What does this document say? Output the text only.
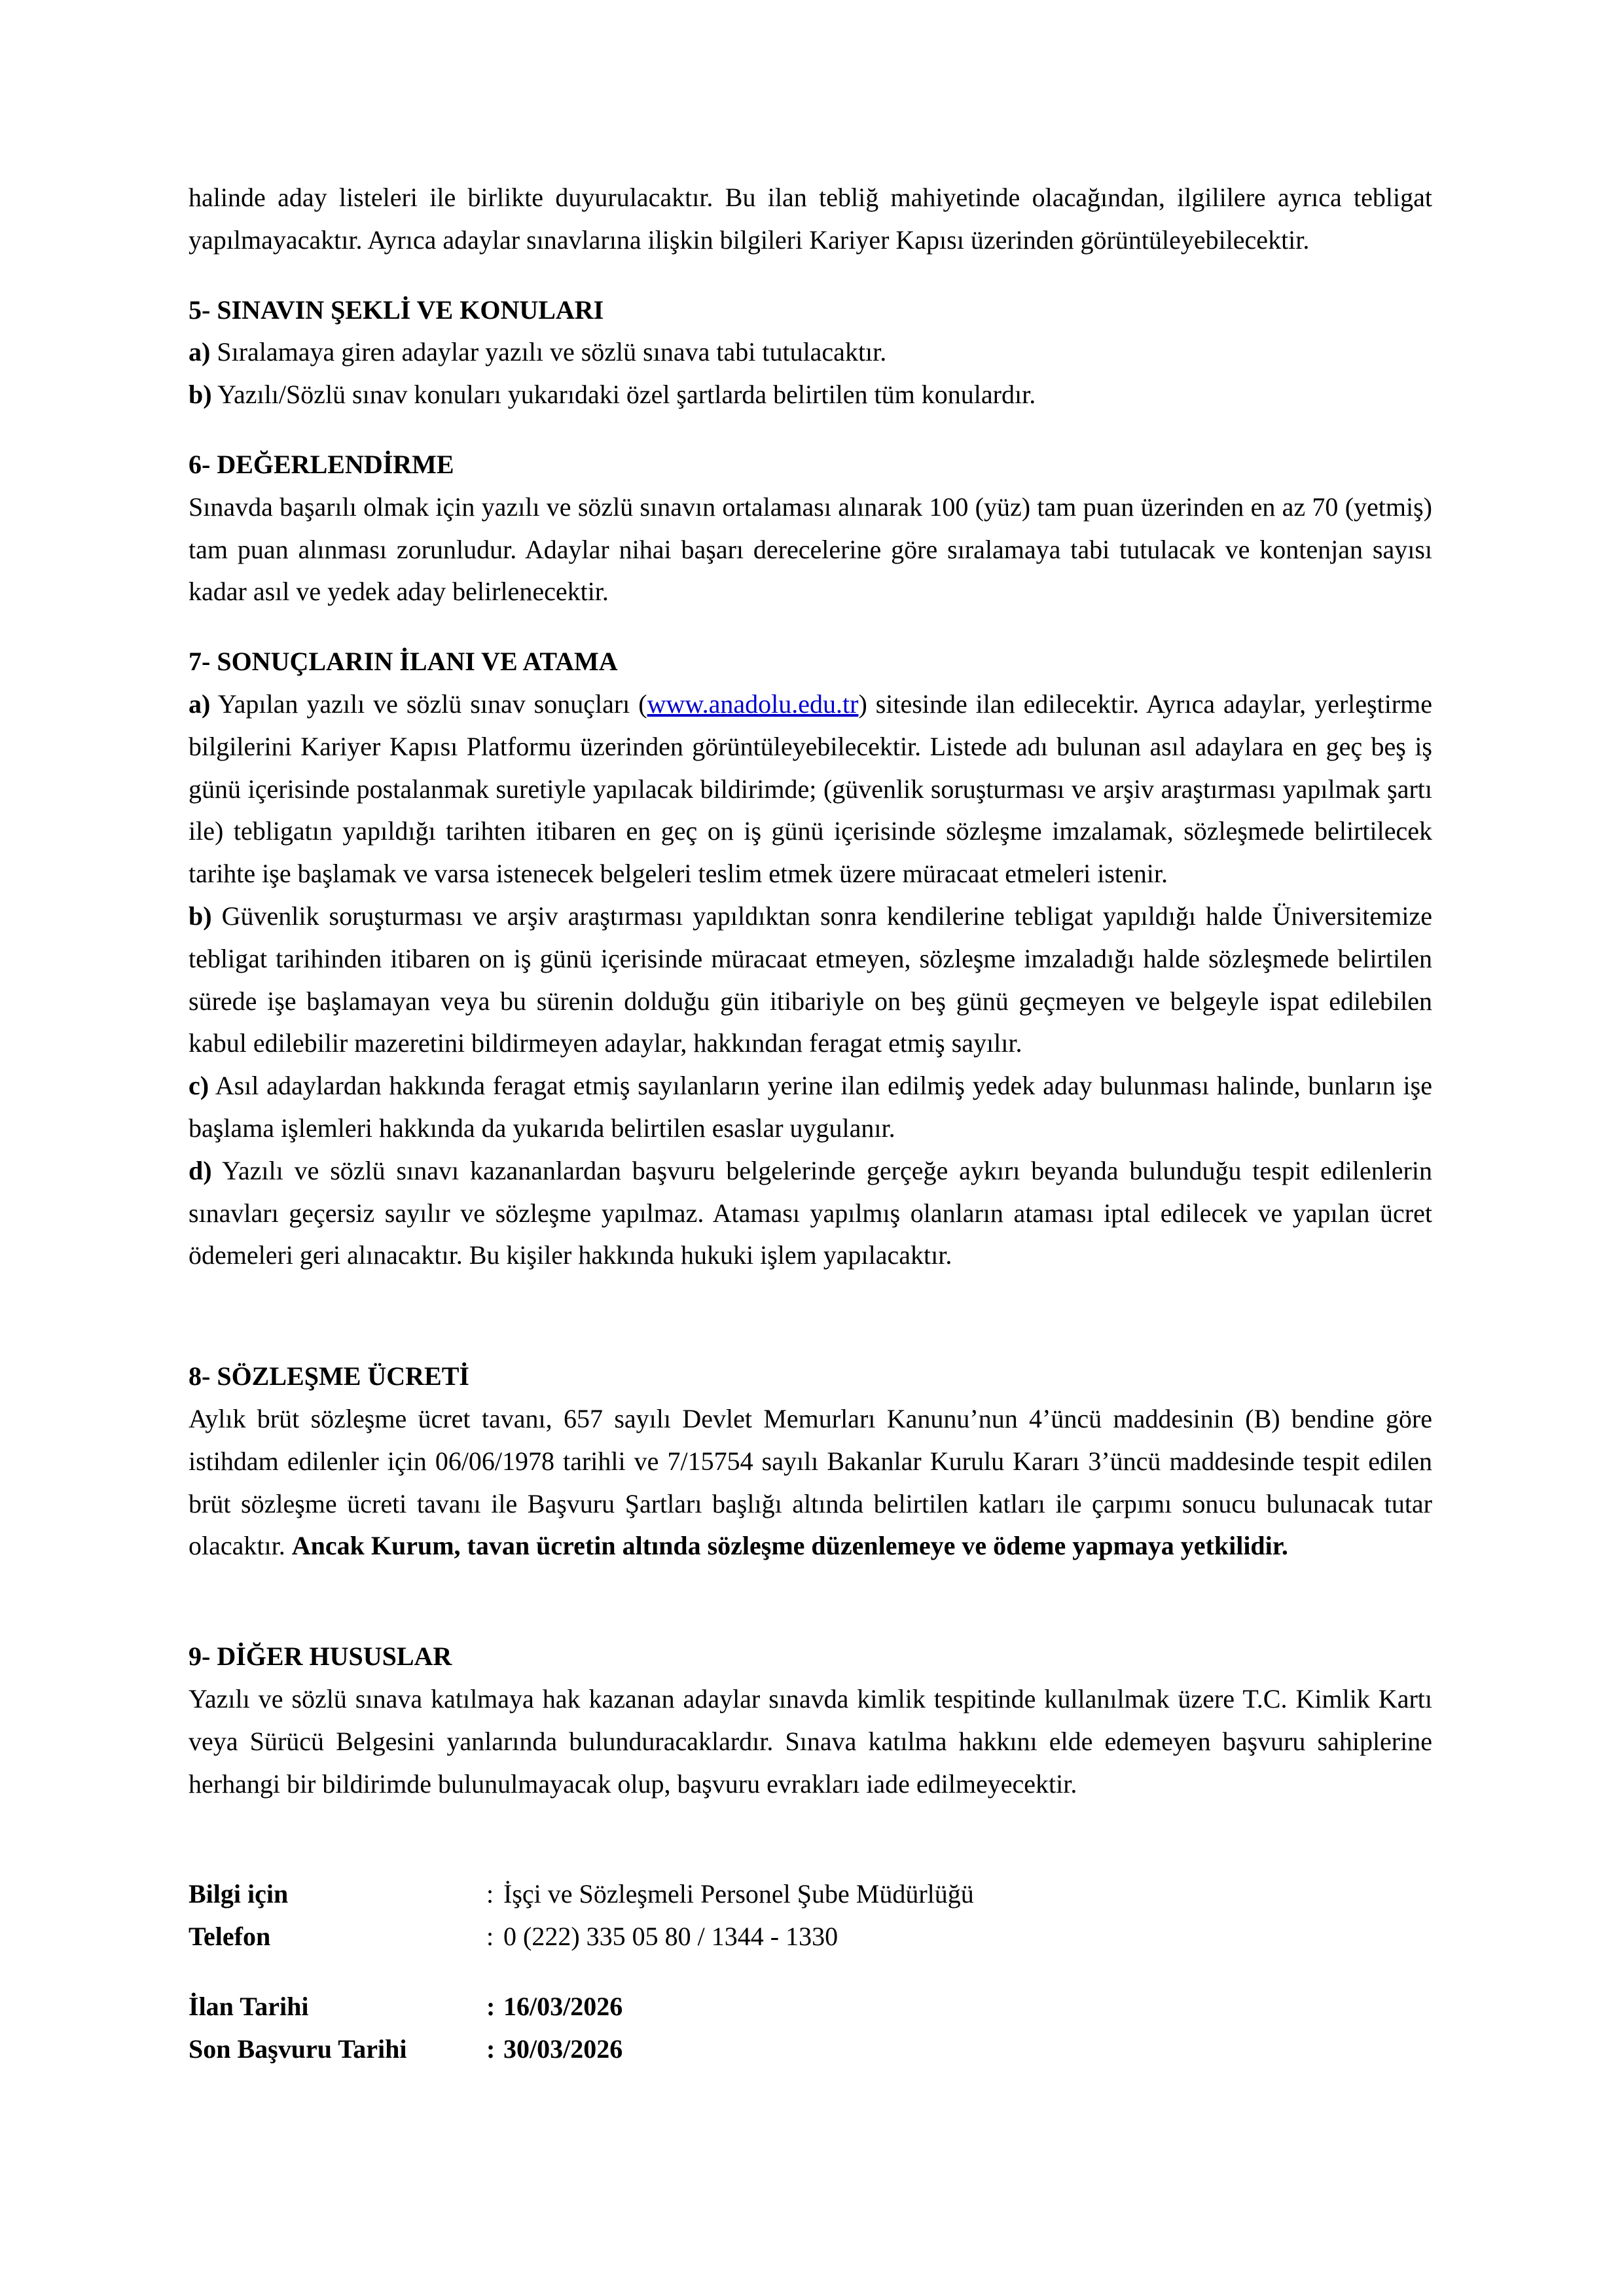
halinde aday listeleri ile birlikte duyurulacaktır. Bu ilan tebliğ mahiyetinde olacağından, ilgililere ayrıca tebligat yapılmayacaktır. Ayrıca adaylar sınavlarına ilişkin bilgileri Kariyer Kapısı üzerinden görüntüleyebilecektir.

5- SINAVIN ŞEKLİ VE KONULARI

a) Sıralamaya giren adaylar yazılı ve sözlü sınava tabi tutulacaktır.

b) Yazılı/Sözlü sınav konuları yukarıdaki özel şartlarda belirtilen tüm konulardır.

6- DEĞERLENDİRME

Sınavda başarılı olmak için yazılı ve sözlü sınavın ortalaması alınarak 100 (yüz) tam puan üzerinden en az 70 (yetmiş) tam puan alınması zorunludur. Adaylar nihai başarı derecelerine göre sıralamaya tabi tutulacak ve kontenjan sayısı kadar asıl ve yedek aday belirlenecektir.

7- SONUÇLARIN İLANI VE ATAMA

a) Yapılan yazılı ve sözlü sınav sonuçları (www.anadolu.edu.tr) sitesinde ilan edilecektir. Ayrıca adaylar, yerleştirme bilgilerini Kariyer Kapısı Platformu üzerinden görüntüleyebilecektir. Listede adı bulunan asıl adaylara en geç beş iş günü içerisinde postalanmak suretiyle yapılacak bildirimde; (güvenlik soruşturması ve arşiv araştırması yapılmak şartı ile) tebligatın yapıldığı tarihten itibaren en geç on iş günü içerisinde sözleşme imzalamak, sözleşmede belirtilecek tarihte işe başlamak ve varsa istenecek belgeleri teslim etmek üzere müracaat etmeleri istenir.

b) Güvenlik soruşturması ve arşiv araştırması yapıldıktan sonra kendilerine tebligat yapıldığı halde Üniversitemize tebligat tarihinden itibaren on iş günü içerisinde müracaat etmeyen, sözleşme imzaladığı halde sözleşmede belirtilen sürede işe başlamayan veya bu sürenin dolduğu gün itibariyle on beş günü geçmeyen ve belgeyle ispat edilebilen kabul edilebilir mazeretini bildirmeyen adaylar, hakkından feragat etmiş sayılır.

c) Asıl adaylardan hakkında feragat etmiş sayılanların yerine ilan edilmiş yedek aday bulunması halinde, bunların işe başlama işlemleri hakkında da yukarıda belirtilen esaslar uygulanır.

d) Yazılı ve sözlü sınavı kazananlardan başvuru belgelerinde gerçeğe aykırı beyanda bulunduğu tespit edilenlerin sınavları geçersiz sayılır ve sözleşme yapılmaz. Ataması yapılmış olanların ataması iptal edilecek ve yapılan ücret ödemeleri geri alınacaktır. Bu kişiler hakkında hukuki işlem yapılacaktır.

8- SÖZLEŞME ÜCRETİ

Aylık brüt sözleşme ücret tavanı, 657 sayılı Devlet Memurları Kanunu’nun 4’üncü maddesinin (B) bendine göre istihdam edilenler için 06/06/1978 tarihli ve 7/15754 sayılı Bakanlar Kurulu Kararı 3’üncü maddesinde tespit edilen brüt sözleşme ücreti tavanı ile Başvuru Şartları başlığı altında belirtilen katları ile çarpımı sonucu bulunacak tutar olacaktır. Ancak Kurum, tavan ücretin altında sözleşme düzenlemeye ve ödeme yapmaya yetkilidir.

9- DİĞER HUSUSLAR

Yazılı ve sözlü sınava katılmaya hak kazanan adaylar sınavda kimlik tespitinde kullanılmak üzere T.C. Kimlik Kartı veya Sürücü Belgesini yanlarında bulunduracaklardır. Sınava katılma hakkını elde edemeyen başvuru sahiplerine herhangi bir bildirimde bulunulmayacak olup, başvuru evrakları iade edilmeyecektir.

Bilgi için	: İşçi ve Sözleşmeli Personel Şube Müdürlüğü
Telefon	: 0 (222) 335 05 80 / 1344 - 1330
İlan Tarihi	: 16/03/2026
Son Başvuru Tarihi	: 30/03/2026
